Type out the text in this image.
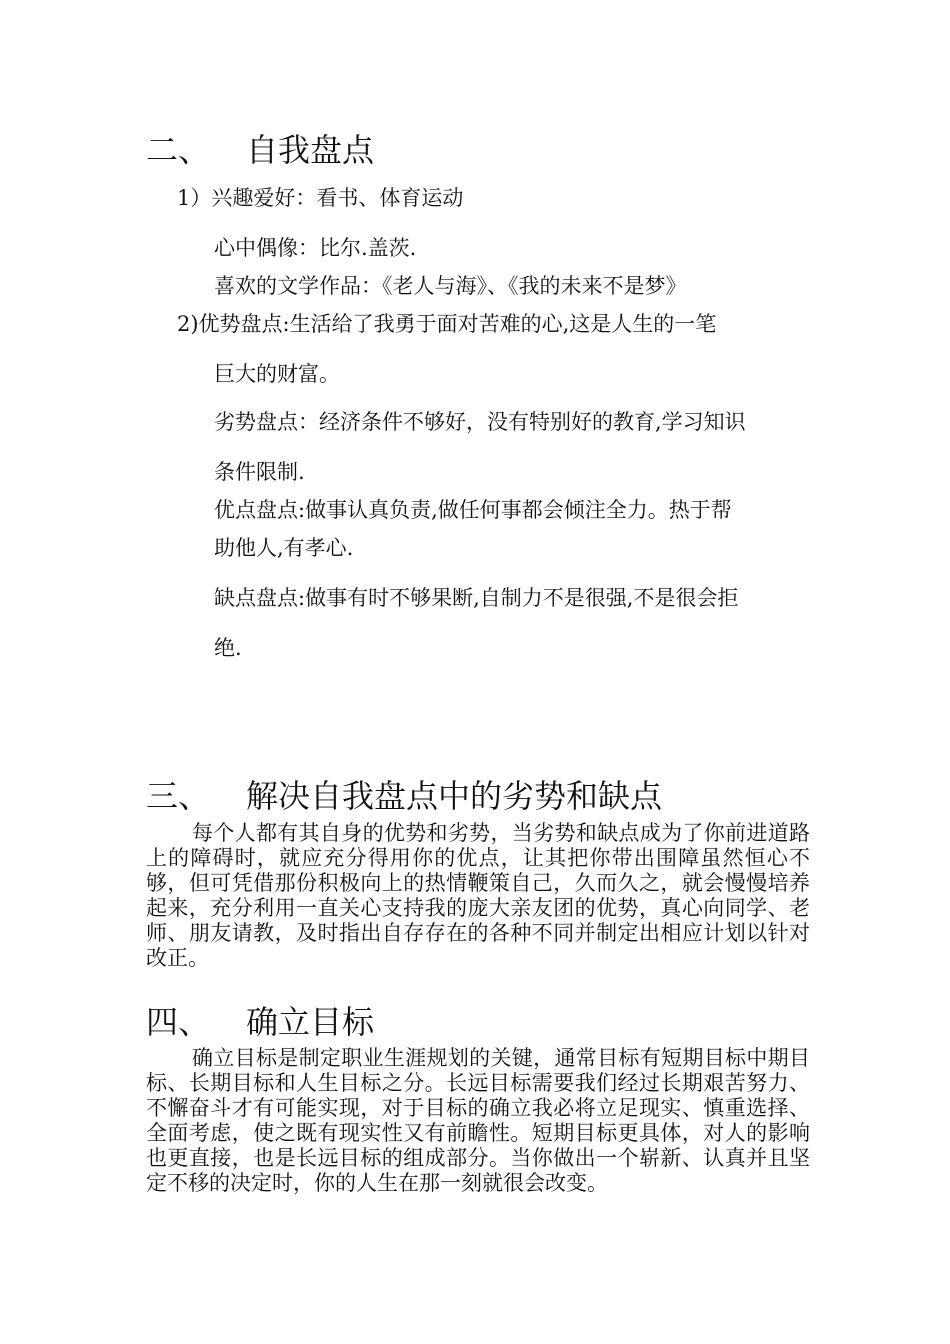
二、 自我盘点
1）兴趣爱好：看书、体育运动
心中偶像：比尔.盖茨.
喜欢的文学作品：《老人与海》、《我的未来不是梦》
2)优势盘点:生活给了我勇于面对苦难的心,这是人生的一笔
巨大的财富。
劣势盘点：经济条件不够好，没有特别好的教育,学习知识
条件限制.
优点盘点:做事认真负责,做任何事都会倾注全力。热于帮
助他人,有孝心.
缺点盘点:做事有时不够果断,自制力不是很强,不是很会拒
绝.
三、 解决自我盘点中的劣势和缺点

每个人都有其自身的优势和劣势，当劣势和缺点成为了你前进道路上的障碍时，就应充分得用你的优点，让其把你带出围障虽然恒心不够，但可凭借那份积极向上的热情鞭策自己，久而久之，就会慢慢培养起来，充分利用一直关心支持我的庞大亲友团的优势，真心向同学、老师、朋友请教，及时指出自存存在的各种不同并制定出相应计划以针对改正。

四、 确立目标

确立目标是制定职业生涯规划的关键，通常目标有短期目标中期目标、长期目标和人生目标之分。长远目标需要我们经过长期艰苦努力、不懈奋斗才有可能实现，对于目标的确立我必将立足现实、慎重选择、全面考虑，使之既有现实性又有前瞻性。短期目标更具体，对人的影响也更直接，也是长远目标的组成部分。当你做出一个崭新、认真并且坚定不移的决定时，你的人生在那一刻就很会改变。
